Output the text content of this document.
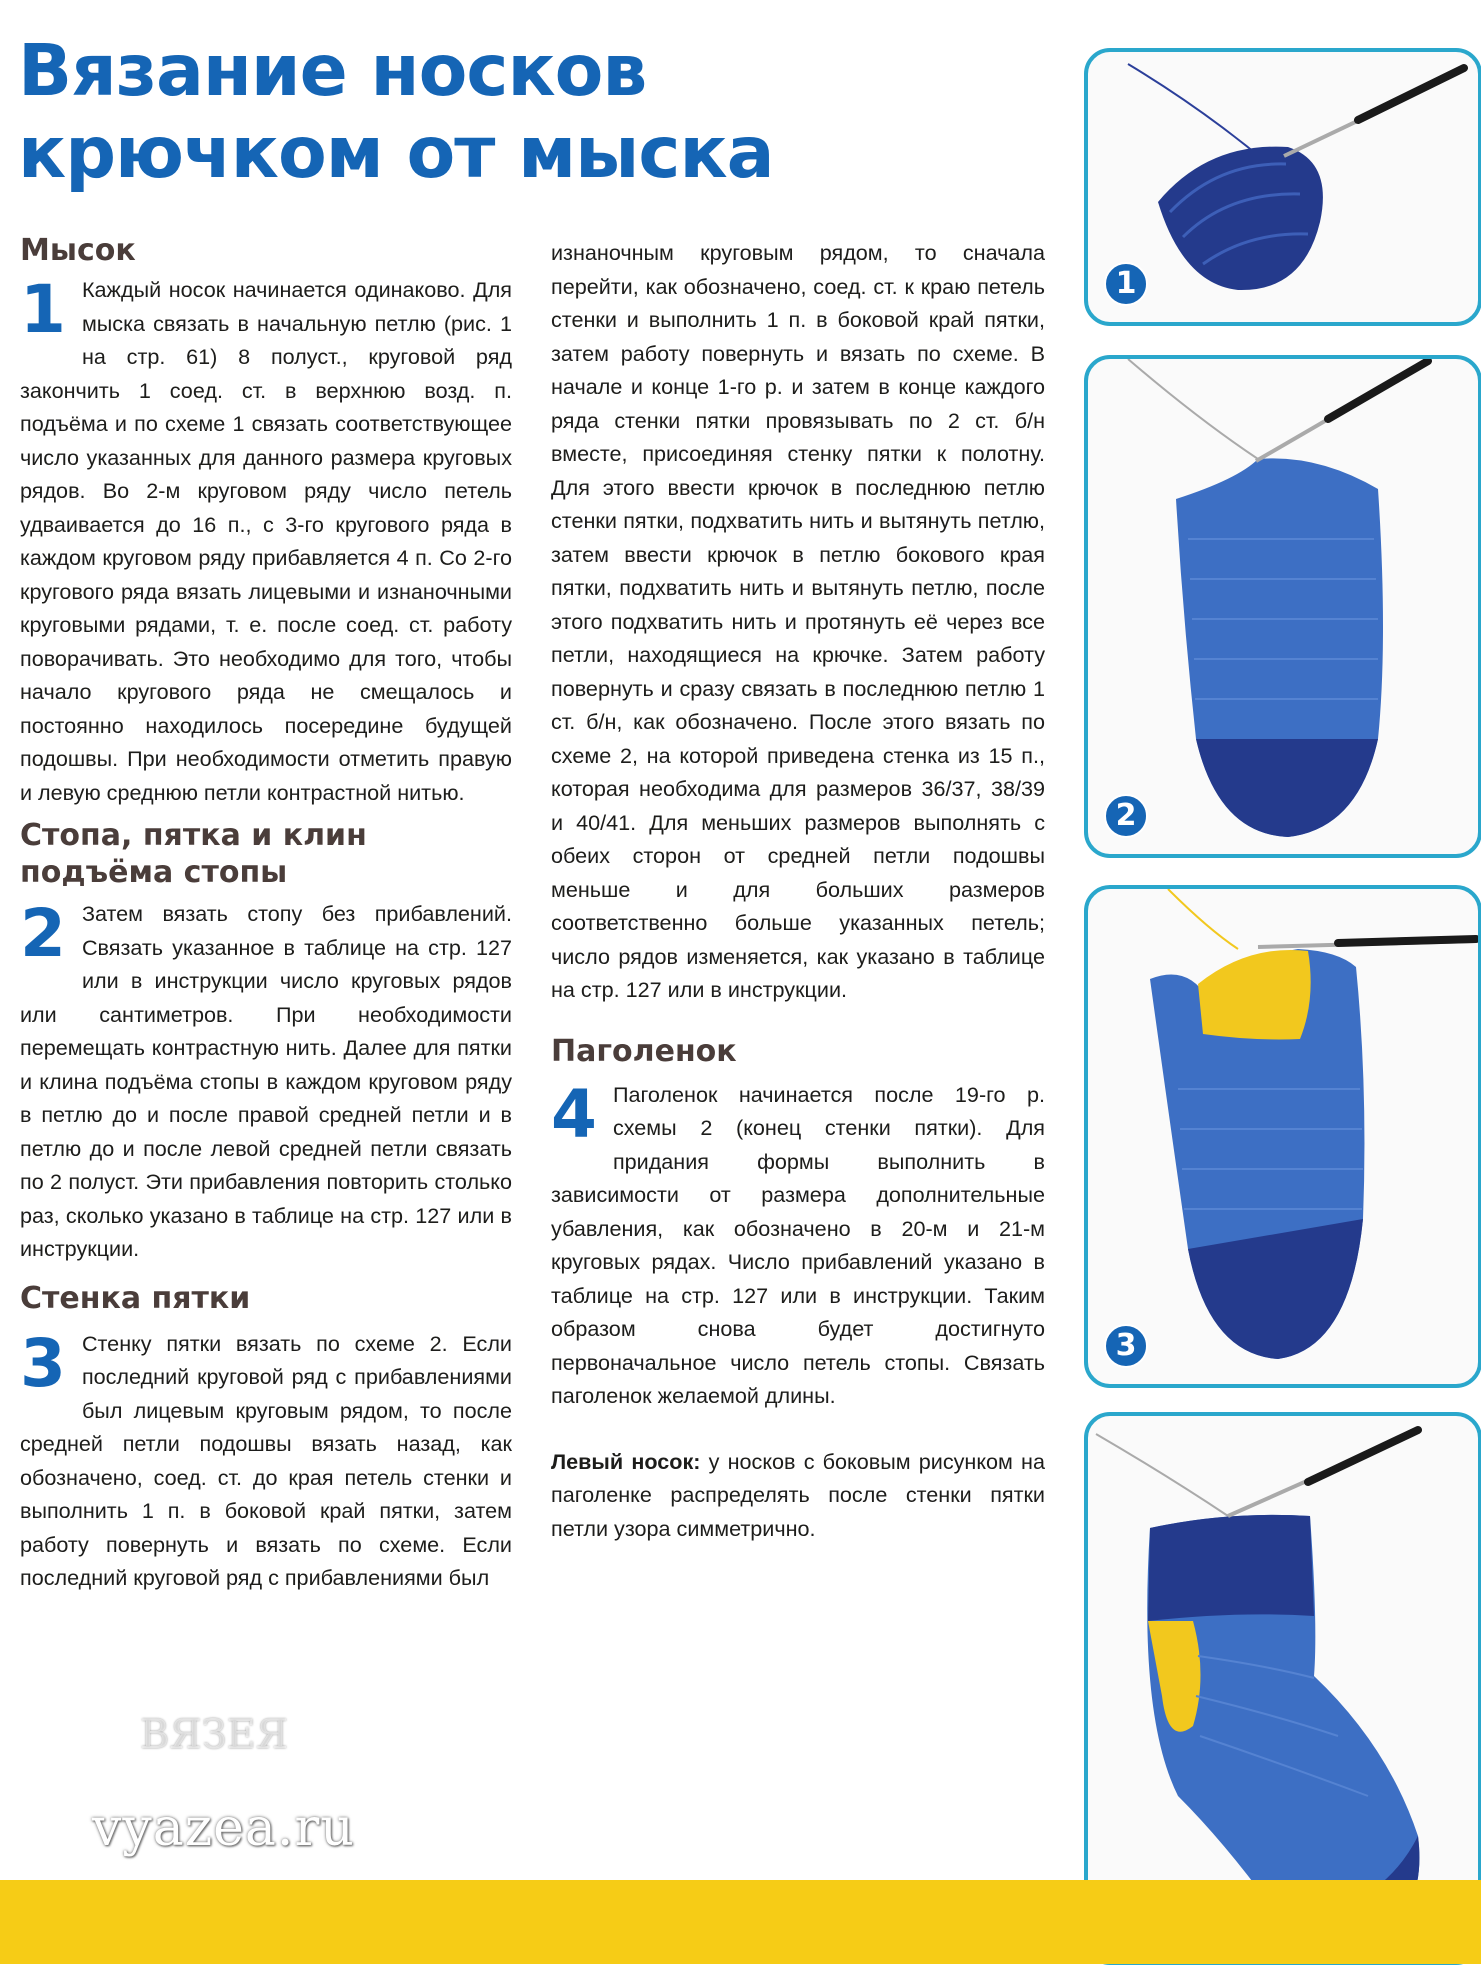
Вязание носков
крючком от мыска
Мысок

1 Каждый носок начинается одинаково. Для мыска связать в начальную петлю (рис. 1 на стр. 61) 8 полуст., круговой ряд закончить 1 соед. ст. в верхнюю возд. п. подъёма и по схеме 1 связать соответствующее число указанных для данного размера круговых рядов. Во 2-м круговом ряду число петель удваивается до 16 п., с 3-го кругового ряда в каждом круговом ряду прибавляется 4 п. Со 2-го кругового ряда вязать лицевыми и изнаночными круговыми рядами, т. е. после соед. ст. работу поворачивать. Это необходимо для того, чтобы начало кругового ряда не смещалось и постоянно находилось посередине будущей подошвы. При необходимости отметить правую и левую среднюю петли контрастной нитью.

Стопа, пятка и клин
подъёма стопы

2 Затем вязать стопу без прибавлений. Связать указанное в таблице на стр. 127 или в инструкции число круговых рядов или сантиметров. При необходимости перемещать контрастную нить. Далее для пятки и клина подъёма стопы в каждом круговом ряду в петлю до и после правой средней петли и в петлю до и после левой средней петли связать по 2 полуст. Эти прибавления повторить столько раз, сколько указано в таблице на стр. 127 или в инструкции.

Стенка пятки

3 Стенку пятки вязать по схеме 2. Если последний круговой ряд с прибавлениями был лицевым круговым рядом, то после средней петли подошвы вязать назад, как обозначено, соед. ст. до края петель стенки и выполнить 1 п. в боковой край пятки, затем работу повернуть и вязать по схеме. Если последний круговой ряд с прибавлениями был

изнаночным круговым рядом, то сначала перейти, как обозначено, соед. ст. к краю петель стенки и выполнить 1 п. в боковой край пятки, затем работу повернуть и вязать по схеме. В начале и конце 1-го р. и затем в конце каждого ряда стенки пятки провязывать по 2 ст. б/н вместе, присоединяя стенку пятки к полотну. Для этого ввести крючок в последнюю петлю стенки пятки, подхватить нить и вытянуть петлю, затем ввести крючок в петлю бокового края пятки, подхватить нить и вытянуть петлю, после этого подхватить нить и протянуть её через все петли, находящиеся на крючке. Затем работу повернуть и сразу связать в последнюю петлю 1 ст. б/н, как обозначено. После этого вязать по схеме 2, на которой приведена стенка из 15 п., которая необходима для размеров 36/37, 38/39 и 40/41. Для меньших размеров выполнять с обеих сторон от средней петли подошвы меньше и для больших размеров соответственно больше указанных петель; число рядов изменяется, как указано в таблице на стр. 127 или в инструкции.

Паголенок

4 Паголенок начинается после 19-го р. схемы 2 (конец стенки пятки). Для придания формы выполнить в зависимости от размера дополнительные убавления, как обозначено в 20-м и 21-м круговых рядах. Число прибавлений указано в таблице на стр. 127 или в инструкции. Таким образом снова будет достигнуто первоначальное число петель стопы. Связать паголенок желаемой длины.

Левый носок: у носков с боковым рисунком на паголенке распределять после стенки пятки петли узора симметрично.

1
2
3
ВЯЗЕЯ
vyazea.ru
